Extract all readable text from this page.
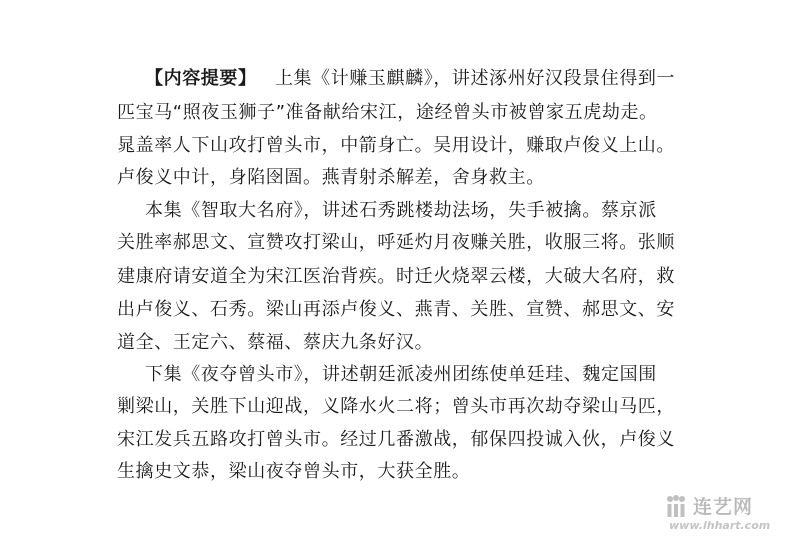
【内容提要】 上集《计赚玉麒麟》，讲述涿州好汉段景住得到一
匹宝马“照夜玉狮子”准备献给宋江，途经曾头市被曾家五虎劫走。
晁盖率人下山攻打曾头市，中箭身亡。吴用设计，赚取卢俊义上山。
卢俊义中计，身陷囹圄。燕青射杀解差，舍身救主。
本集《智取大名府》，讲述石秀跳楼劫法场，失手被擒。蔡京派
关胜率郝思文、宣赞攻打梁山，呼延灼月夜赚关胜，收服三将。张顺
建康府请安道全为宋江医治背疾。时迁火烧翠云楼，大破大名府，救
出卢俊义、石秀。梁山再添卢俊义、燕青、关胜、宣赞、郝思文、安
道全、王定六、蔡福、蔡庆九条好汉。
下集《夜夺曾头市》，讲述朝廷派凌州团练使单廷珪、魏定国围
剿梁山，关胜下山迎战，义降水火二将；曾头市再次劫夺梁山马匹，
宋江发兵五路攻打曾头市。经过几番激战，郁保四投诚入伙，卢俊义
生擒史文恭，梁山夜夺曾头市，大获全胜。
连艺网
www.lhhart.com
